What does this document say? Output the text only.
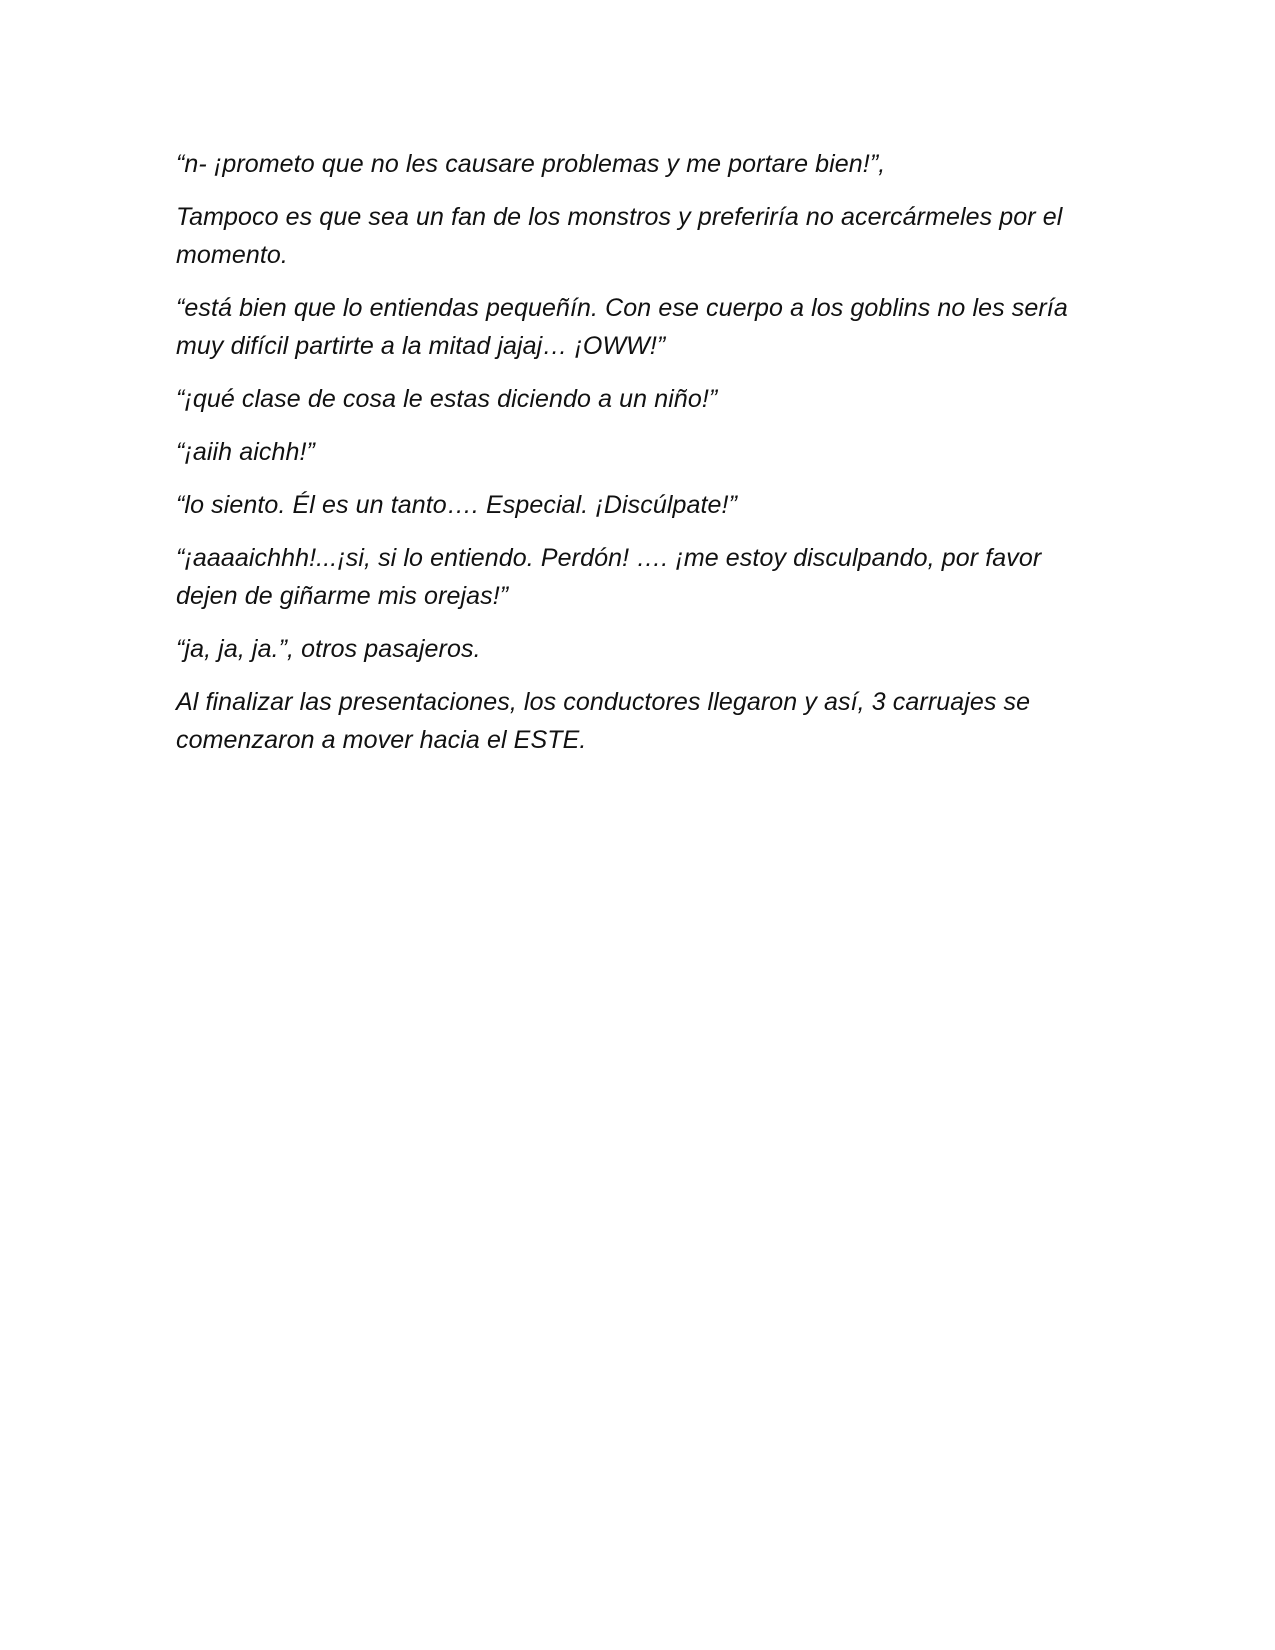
“n- ¡prometo que no les causare problemas y me portare bien!”,

Tampoco es que sea un fan de los monstros y preferiría no acercármeles por el momento.

“está bien que lo entiendas pequeñín. Con ese cuerpo a los goblins no les sería muy difícil partirte a la mitad jajaj… ¡OWW!”

“¡qué clase de cosa le estas diciendo a un niño!”

“¡aiih aichh!”

“lo siento. Él es un tanto…. Especial. ¡Discúlpate!”

“¡aaaaichhh!...¡si, si lo entiendo. Perdón! …. ¡me estoy disculpando, por favor dejen de giñarme mis orejas!”

“ja, ja, ja.”, otros pasajeros.

Al finalizar las presentaciones, los conductores llegaron y así, 3 carruajes se comenzaron a mover hacia el ESTE.
